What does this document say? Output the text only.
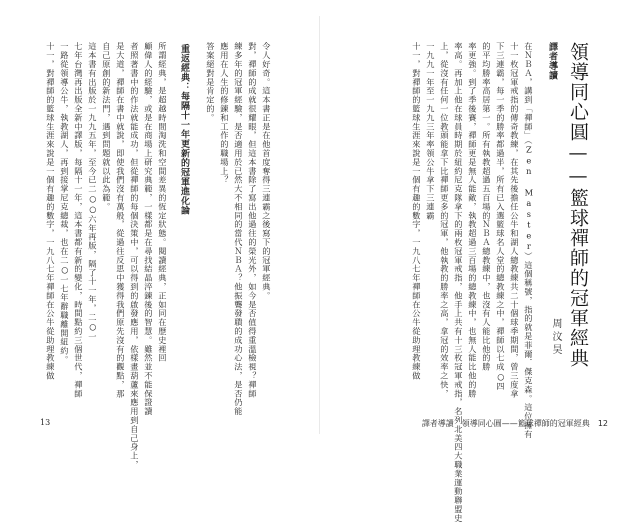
領導同心圓——籃球禪師的冠軍經典
譯者導讀
周汶昊
在ＮＢＡ，講到「禪師」（Zen Master）這個稱號，指的就是菲爾．傑克森。這位擁有
十一枚冠軍戒指的傳奇教練，在其先後擔任公牛和湖人總教練共二十個球季期間，曾三度拿
下三連霸，每一季的勝率都過半，所有已入選籃球名人堂的總教練之中，禪師以七成○四
的平均勝率高居第一。所有執教超過五百場的ＮＢＡ總教練中，也沒有人能比他的勝
率更強。到了季後賽，禪師更是無人能敵，執教超過三百場的總教練中，也無人能比他的勝
率高。再加上他在球員時期於紐約尼克隊拿下的兩枚冠軍戒指，他手上共有十三枚冠軍戒指，名列北美四大職業運動聯盟史
上，從沒有任何一位教頭能拿下比禪師更多的冠軍，他執教的勝率之高，拿冠的效率之快，
一九九一年至一九九三年率領公牛拿下三連霸
十一，對禪師的籃球生涯來說是一個有趣的數字，一九八七年禪師在公牛從助理教練做
令人好奇。這本書正是在他首度奪得三連霸之後寫下的冠軍經典。
對，禪師的成就很耀眼，但這本書除了寫出他過往的榮光外，如今是否值得重溫檢視？禪師
練多年的冠軍經驗，是否適用於已然大不相同的當代ＮＢＡ？他振聾發聵的成功心法，是否仍能
應用在人生的修鍊和工作的職場上？
答案絕對是肯定的。
重返經典：每隔十一年更新的冠軍進化論
所謂經典，是超越時間淘洗和空間差異的恆定狀態。閱讀經典，正如同在歷史裡回
顧偉人的經驗，或是在商場上研究典範，一樣都是在尋找結晶淬鍊後的智慧。雖然並不能保證讀
者照著書中的作法就能成功，但從禪師的每個決策中，可以得到的啟發應用，依樣畫葫蘆來應用到自己身上，
是大道，禪師在書中就說，即使我們沒有萬般，從過往反思中獲得我們原先沒有的觀點，那
自己原創的新法門，遇到問題就以此為範。
這本書有出版於一九九五年，至今已二○○六年再版，隔了十一年，二○一
七年台灣再出版全新中譯版，每隔十一年，這本書都有新的變化，時間點約三個世代，禪師
一路從領導公牛，執教湖人，再到接掌尼克總裁，也在二○一七年辭職離開紐約。
十一，對禪師的籃球生涯來說是一個有趣的數字，一九八七年禪師在公牛從助理教練做
13	譯者導讀　領導同心圓——籃球禪師的冠軍經典 12
